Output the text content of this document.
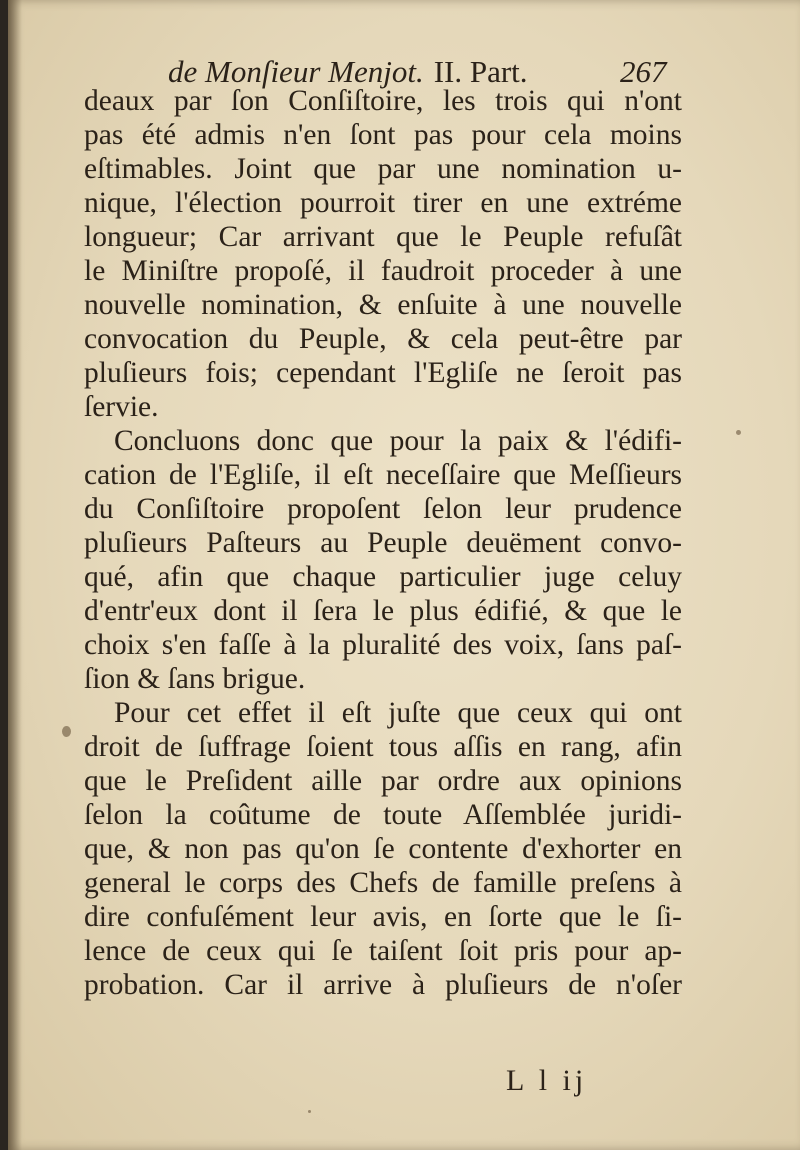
de Monſieur Menjot. II. Part.	267
deaux par ſon Conſiſtoire, les trois qui n'ont
pas été admis n'en ſont pas pour cela moins
eſtimables. Joint que par une nomination u-
nique, l'élection pourroit tirer en une extréme
longueur; Car arrivant que le Peuple refuſât
le Miniſtre propoſé, il faudroit proceder à une
nouvelle nomination, & enſuite à une nouvelle
convocation du Peuple, & cela peut-être par
pluſieurs fois; cependant l'Egliſe ne ſeroit pas
ſervie.
Concluons donc que pour la paix & l'édifi-
cation de l'Egliſe, il eſt neceſſaire que Meſſieurs
du Conſiſtoire propoſent ſelon leur prudence
pluſieurs Paſteurs au Peuple deuëment convo-
qué, afin que chaque particulier juge celuy
d'entr'eux dont il ſera le plus édifié, & que le
choix s'en faſſe à la pluralité des voix, ſans paſ-
ſion & ſans brigue.
Pour cet effet il eſt juſte que ceux qui ont
droit de ſuffrage ſoient tous aſſis en rang, afin
que le Preſident aille par ordre aux opinions
ſelon la coûtume de toute Aſſemblée juridi-
que, & non pas qu'on ſe contente d'exhorter en
general le corps des Chefs de famille preſens à
dire confuſément leur avis, en ſorte que le ſi-
lence de ceux qui ſe taiſent ſoit pris pour ap-
probation. Car il arrive à pluſieurs de n'oſer
L l ij
